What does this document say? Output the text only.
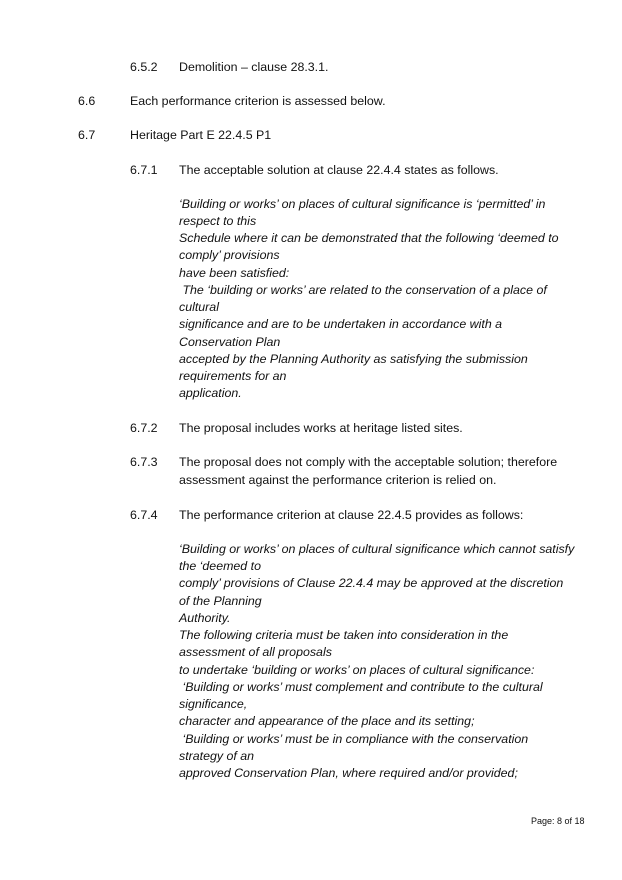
6.5.2 Demolition – clause 28.3.1.
6.6	Each performance criterion is assessed below.
6.7	Heritage Part E 22.4.5 P1
6.7.1 The acceptable solution at clause 22.4.4 states as follows.
‘Building or works’ on places of cultural significance is ‘permitted’ in
respect to this
Schedule where it can be demonstrated that the following ‘deemed to
comply’ provisions
have been satisfied:
The ‘building or works’ are related to the conservation of a place of
cultural
significance and are to be undertaken in accordance with a
Conservation Plan
accepted by the Planning Authority as satisfying the submission
requirements for an
application.
6.7.2 The proposal includes works at heritage listed sites.
6.7.3 The proposal does not comply with the acceptable solution; therefore
assessment against the performance criterion is relied on.
6.7.4 The performance criterion at clause 22.4.5 provides as follows:
‘Building or works’ on places of cultural significance which cannot satisfy
the ‘deemed to
comply’ provisions of Clause 22.4.4 may be approved at the discretion
of the Planning
Authority.
The following criteria must be taken into consideration in the
assessment of all proposals
to undertake ‘building or works’ on places of cultural significance:
‘Building or works’ must complement and contribute to the cultural
significance,
character and appearance of the place and its setting;
‘Building or works’ must be in compliance with the conservation
strategy of an
approved Conservation Plan, where required and/or provided;
Page: 8 of 18
